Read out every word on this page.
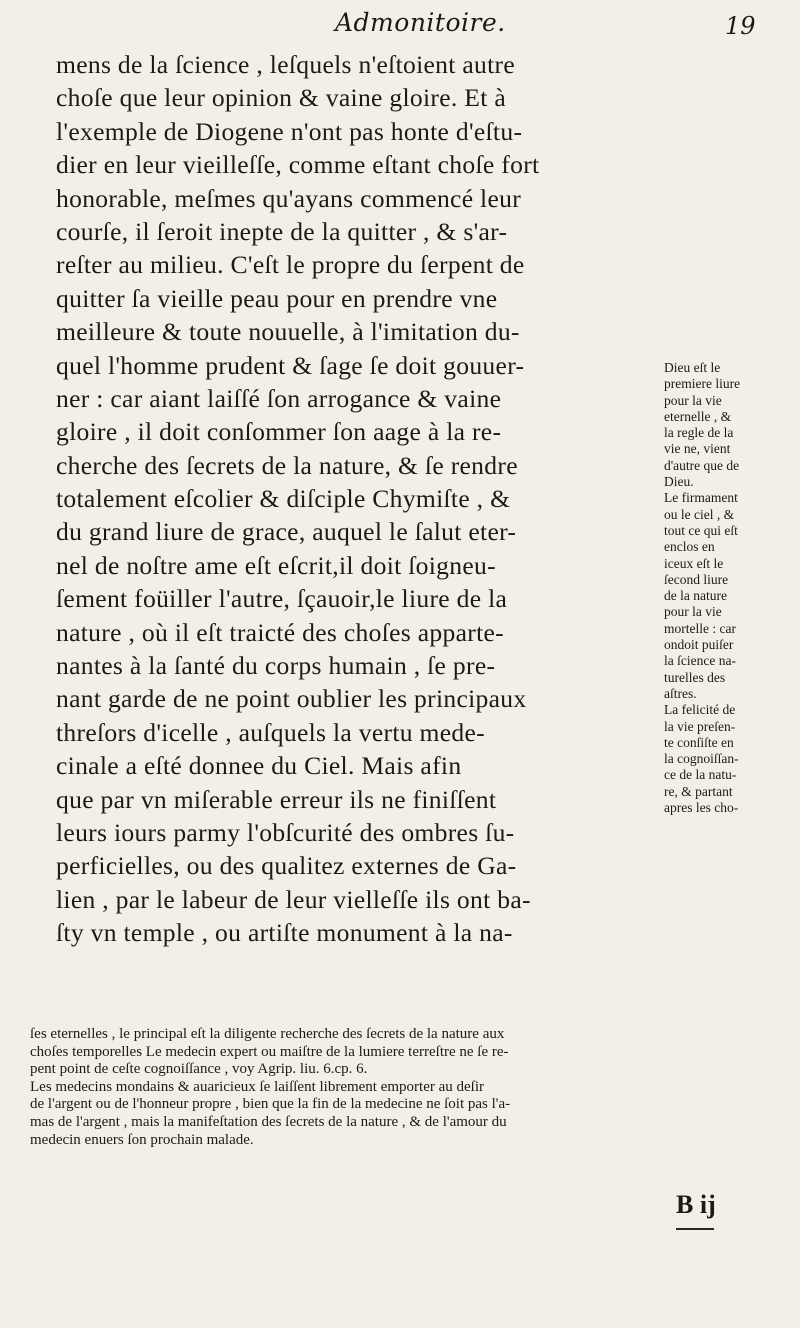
Admonitoire.	19
mens de la ſcience , leſquels n'eſtoient autre
choſe que leur opinion & vaine gloire. Et à
l'exemple de Diogene n'ont pas honte d'eſtu-
dier en leur vieilleſſe, comme eſtant choſe fort
honorable, meſmes qu'ayans commencé leur
courſe, il ſeroit inepte de la quitter , & s'ar-
reſter au milieu. C'eſt le propre du ſerpent de
quitter ſa vieille peau pour en prendre vne
meilleure & toute nouuelle, à l'imitation du-
quel l'homme prudent & ſage ſe doit gouuer-
ner : car aiant laiſſé ſon arrogance & vaine
gloire , il doit conſommer ſon aage à la re-
cherche des ſecrets de la nature, & ſe rendre
totalement eſcolier & diſciple Chymiſte , &
du grand liure de grace, auquel le ſalut eter-
nel de noſtre ame eſt eſcrit,il doit ſoigneu-
ſement foüiller l'autre, ſçauoir,le liure de la
nature , où il eſt traicté des choſes apparte-
nantes à la ſanté du corps humain , ſe pre-
nant garde de ne point oublier les principaux
threſors d'icelle , auſquels la vertu mede-
cinale a eſté donnee du Ciel. Mais afin
que par vn miſerable erreur ils ne finiſſent
leurs iours parmy l'obſcurité des ombres ſu-
perficielles, ou des qualitez externes de Ga-
lien , par le labeur de leur vielleſſe ils ont ba-
ſty vn temple , ou artiſte monument à la na-
Dieu eſt le
premiere liure
pour la vie
eternelle , &
la regle de la
vie ne, vient
d'autre que de
Dieu.
Le firmament
ou le ciel , &
tout ce qui eſt
enclos en
iceux eſt le
ſecond liure
de la nature
pour la vie
mortelle : car
ondoit puiſer
la ſcience na-
turelles des
aſtres.
La felicité de
la vie preſen-
te conſiſte en
la cognoiſſan-
ce de la natu-
re, & partant
apres les cho-
ſes eternelles , le principal eſt la diligente recherche des ſecrets de la nature aux
choſes temporelles Le medecin expert ou maiſtre de la lumiere terreſtre ne ſe re-
pent point de ceſte cognoiſſance , voy Agrip. liu. 6.cp. 6.
Les medecins mondains & auaricieux ſe laiſſent librement emporter au deſir
de l'argent ou de l'honneur propre , bien que la fin de la medecine ne ſoit pas l'a-
mas de l'argent , mais la manifeſtation des ſecrets de la nature , & de l'amour du
medecin enuers ſon prochain malade.
B ij
